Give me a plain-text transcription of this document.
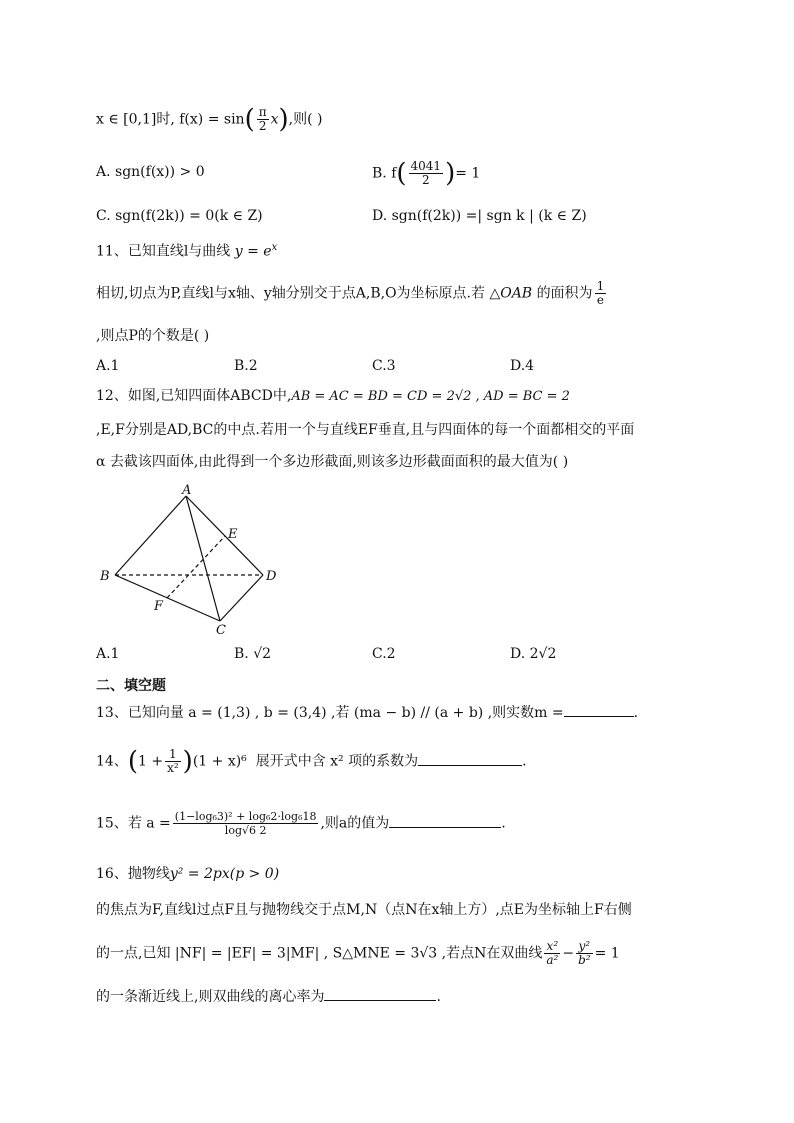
x ∈ [0,1]时, $f(x) = \sin( \frac{\pi}{2} x)$,则( )
A. sgn(f(x)) > 0	B. $f( \frac{4041}{2}$ )= 1
C. sgn(f(2k)) = 0(k ∈ Z)	D. sgn(f(2k)) =| sgn k | (k ∈ Z)
11、已知直线l与曲线 $y = e^x$
相切,切点为P,直线l与x轴、y轴分别交于点A,B,O为坐标原点.若 △OAB 的面积为 $\frac{1}{e}$
,则点P的个数是( )
A.1	B.2	C.3	D.4
12、如图,已知四面体ABCD中,AB = AC = BD = CD = 2√2 , AD = BC = 2
,E,F分别是AD,BC的中点.若用一个与直线EF垂直,且与四面体的每一个面都相交的平面
α 去截该四面体,由此得到一个多边形截面,则该多边形截面面积的最大值为( )
A
B
C
D
E
F
A.1	B. √2	C.2	D. 2√2
二、填空题
13、已知向量 a = (1,3) , b = (3,4) ,若 (ma − b) // (a + b) ,则实数m =	.
14、$(1 + \frac{1}{\text{x²}} )(1 + x)^6$ 展开式中含 x² 项的系数为	.
15、若 $a = \frac{\text{(1−log₆3)² + log₆2·log₆18}}{\log√6 2}$ ,则a的值为	.
16、抛物线y² = 2px(p > 0)
的焦点为F,直线l过点F且与抛物线交于点M,N（点N在x轴上方）,点E为坐标轴上F右侧
的一点,已知 |NF| = |EF| = 3|MF| , S△MNE = 3√3 ,若点N在双曲线 $\frac{\text{x²}}{\text{a²}} - \frac{\text{y²}}{\text{b²}} = 1$
的一条渐近线上,则双曲线的离心率为	.
